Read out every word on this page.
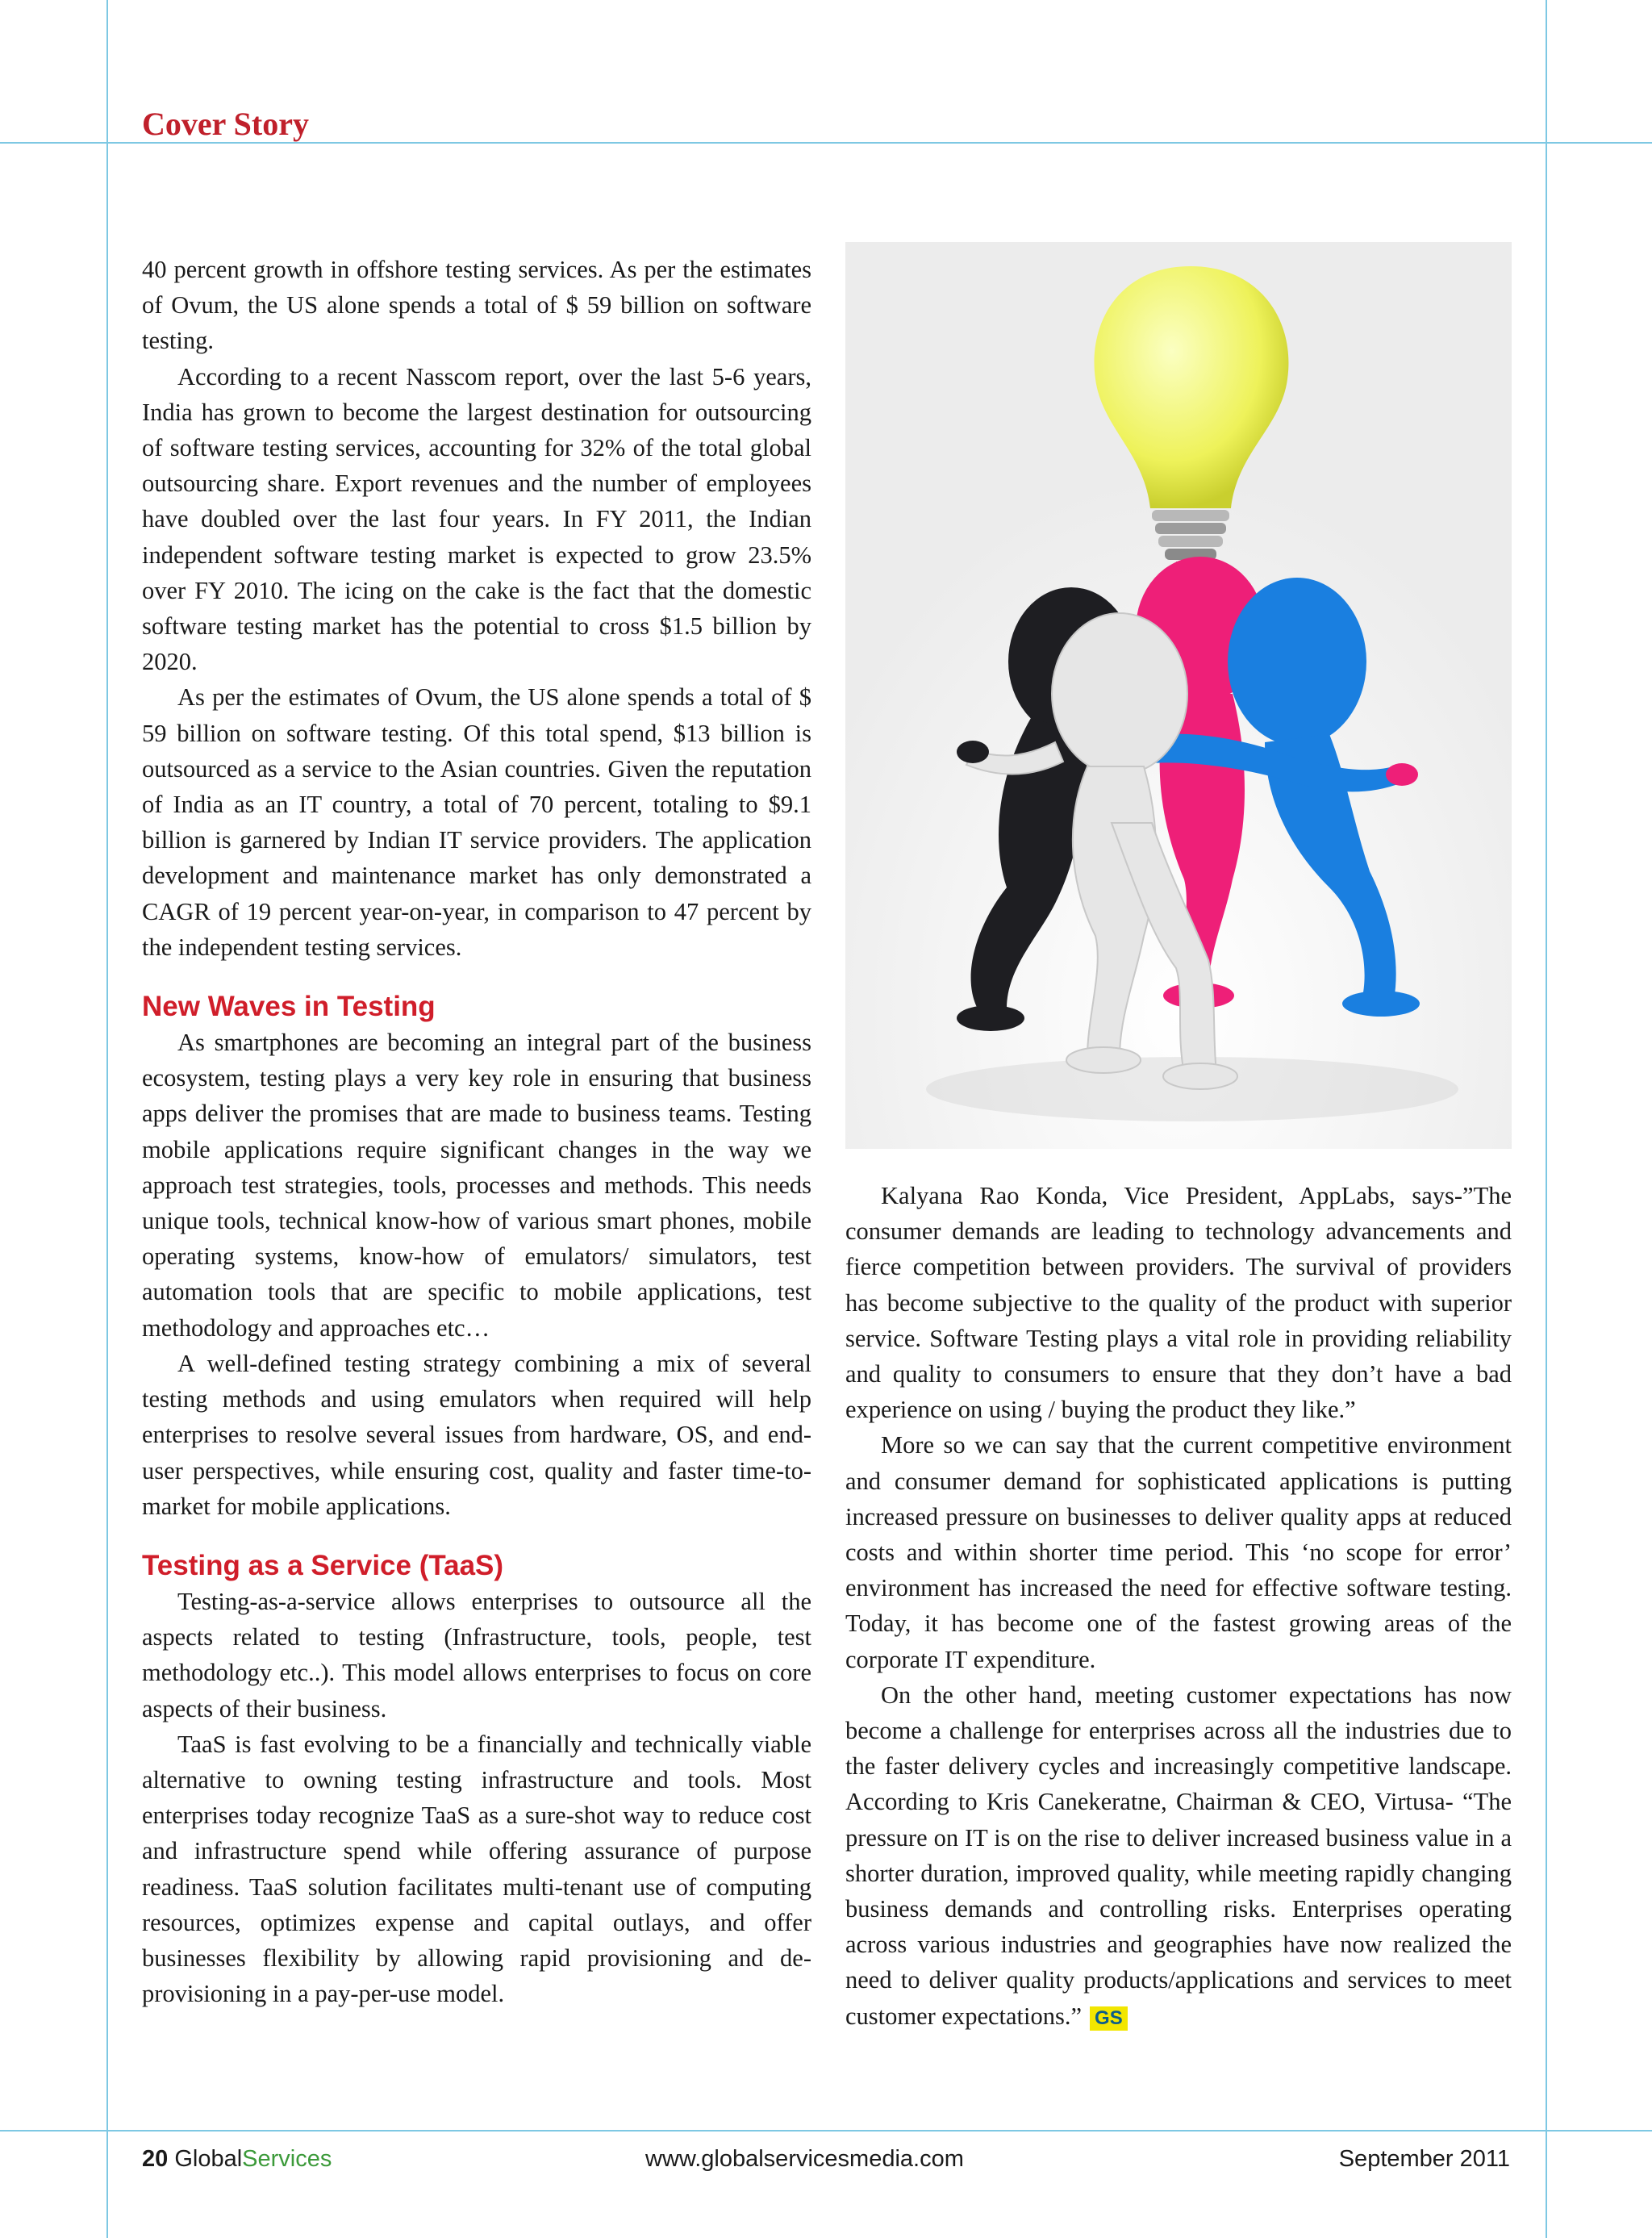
Cover Story

40 percent growth in offshore testing services. As per the estimates of Ovum, the US alone spends a total of $ 59 billion on software testing.

According to a recent Nasscom report, over the last 5-6 years, India has grown to become the largest destination for outsourcing of software testing services, accounting for 32% of the total global outsourcing share. Export revenues and the number of employees have doubled over the last four years. In FY 2011, the Indian independent software testing market is expected to grow 23.5% over FY 2010. The icing on the cake is the fact that the domestic software testing market has the potential to cross $1.5 billion by 2020.

As per the estimates of Ovum, the US alone spends a total of $ 59 billion on software testing. Of this total spend, $13 billion is outsourced as a service to the Asian countries. Given the reputation of India as an IT country, a total of 70 percent, totaling to $9.1 billion is garnered by Indian IT service providers. The application development and maintenance market has only demonstrated a CAGR of 19 percent year-on-year, in comparison to 47 percent by the independent testing services.

New Waves in Testing

As smartphones are becoming an integral part of the business ecosystem, testing plays a very key role in ensuring that business apps deliver the promises that are made to business teams. Testing mobile applications require significant changes in the way we approach test strategies, tools, processes and methods. This needs unique tools, technical know-how of various smart phones, mobile operating systems, know-how of emulators/ simulators, test automation tools that are specific to mobile applications, test methodology and approaches etc…

A well-defined testing strategy combining a mix of several testing methods and using emulators when required will help enterprises to resolve several issues from hardware, OS, and end-user perspectives, while ensuring cost, quality and faster time-to-market for mobile applications.

Testing as a Service (TaaS)

Testing-as-a-service allows enterprises to outsource all the aspects related to testing (Infrastructure, tools, people, test methodology etc..). This model allows enterprises to focus on core aspects of their business.

TaaS is fast evolving to be a financially and technically viable alternative to owning testing infrastructure and tools. Most enterprises today recognize TaaS as a sure-shot way to reduce cost and infrastructure spend while offering assurance of purpose readiness. TaaS solution facilitates multi-tenant use of computing resources, optimizes expense and capital outlays, and offer businesses flexibility by allowing rapid provisioning and de-provisioning in a pay-per-use model.

Kalyana Rao Konda, Vice President, AppLabs, says-”The consumer demands are leading to technology advancements and fierce competition between providers. The survival of providers has become subjective to the quality of the product with superior service. Software Testing plays a vital role in providing reliability and quality to consumers to ensure that they don’t have a bad experience on using / buying the product they like.”

More so we can say that the current competitive environment and consumer demand for sophisticated applications is putting increased pressure on businesses to deliver quality apps at reduced costs and within shorter time period. This ‘no scope for error’ environment has increased the need for effective software testing. Today, it has become one of the fastest growing areas of the corporate IT expenditure.

On the other hand, meeting customer expectations has now become a challenge for enterprises across all the industries due to the faster delivery cycles and increasingly competitive landscape. According to Kris Canekeratne, Chairman & CEO, Virtusa- “The pressure on IT is on the rise to deliver increased business value in a shorter duration, improved quality, while meeting rapidly changing business demands and controlling risks. Enterprises operating across various industries and geographies have now realized the need to deliver quality products/applications and services to meet customer expectations.” GS

20 GlobalServices	www.globalservicesmedia.com	September 2011
